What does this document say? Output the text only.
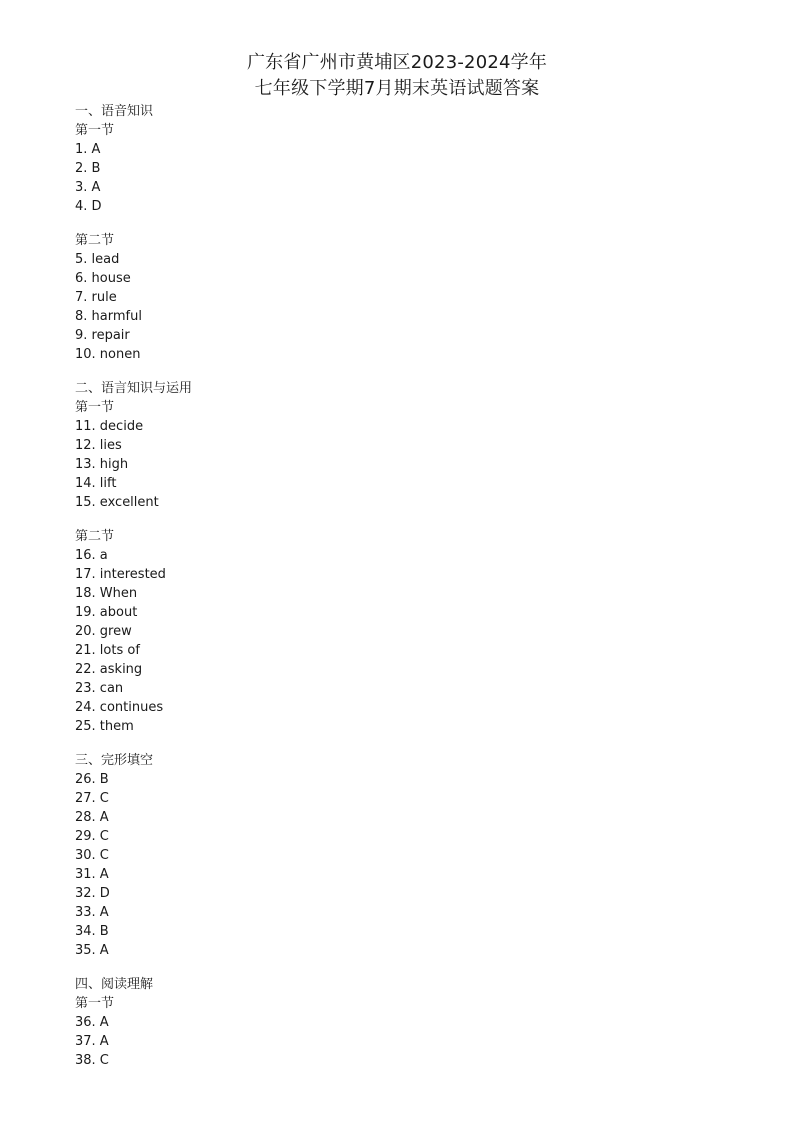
广东省广州市黄埔区2023-2024学年
七年级下学期7月期末英语试题答案
一、语音知识
第一节
1. A
2. B
3. A
4. D
第二节
5. lead
6. house
7. rule
8. harmful
9. repair
10. nonen
二、语言知识与运用
第一节
11. decide
12. lies
13. high
14. lift
15. excellent
第二节
16. a
17. interested
18. When
19. about
20. grew
21. lots of
22. asking
23. can
24. continues
25. them
三、完形填空
26. B
27. C
28. A
29. C
30. C
31. A
32. D
33. A
34. B
35. A
四、阅读理解
第一节
36. A
37. A
38. C
